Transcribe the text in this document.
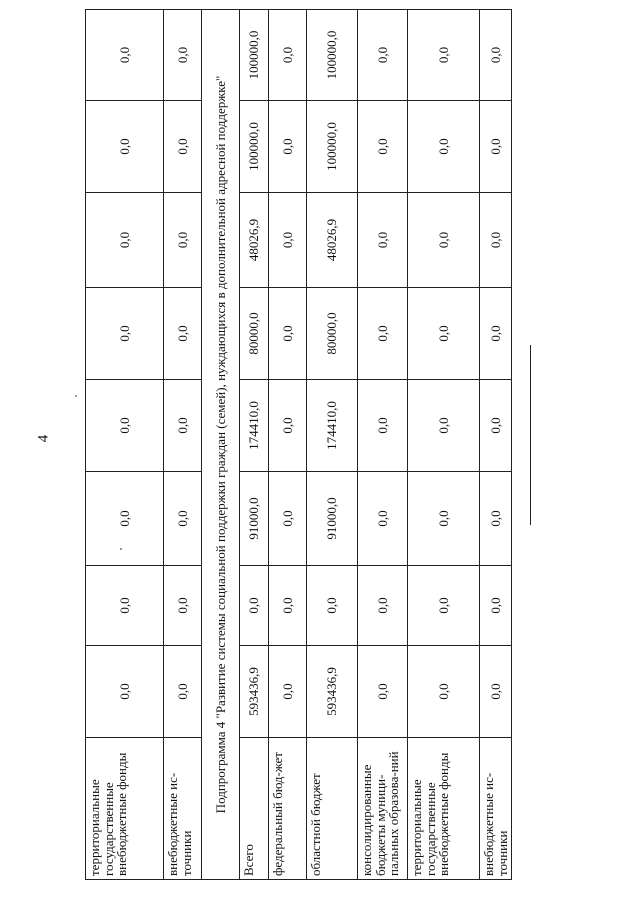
4
территориальные государственные внебюджетные фонды	0,0	0,0	0,0	0,0	0,0	0,0	0,0	0,0
внебюджетные ис-точники	0,0	0,0	0,0	0,0	0,0	0,0	0,0	0,0
Подпрограмма 4 "Развитие системы социальной поддержки граждан (семей), нуждающихся в дополнительной адресной поддержке"								
Всего	593436,9	0,0	91000,0	174410,0	80000,0	48026,9	100000,0	100000,0
федеральный бюд-жет	0,0	0,0	0,0	0,0	0,0	0,0	0,0	0,0
областной бюджет	593436,9	0,0	91000,0	174410,0	80000,0	48026,9	100000,0	100000,0
консолидированные бюджеты муници-пальных образова-ний	0,0	0,0	0,0	0,0	0,0	0,0	0,0	0,0
территориальные государственные внебюджетные фонды	0,0	0,0	0,0	0,0	0,0	0,0	0,0	0,0
внебюджетные ис-точники	0,0	0,0	0,0	0,0	0,0	0,0	0,0	0,0
